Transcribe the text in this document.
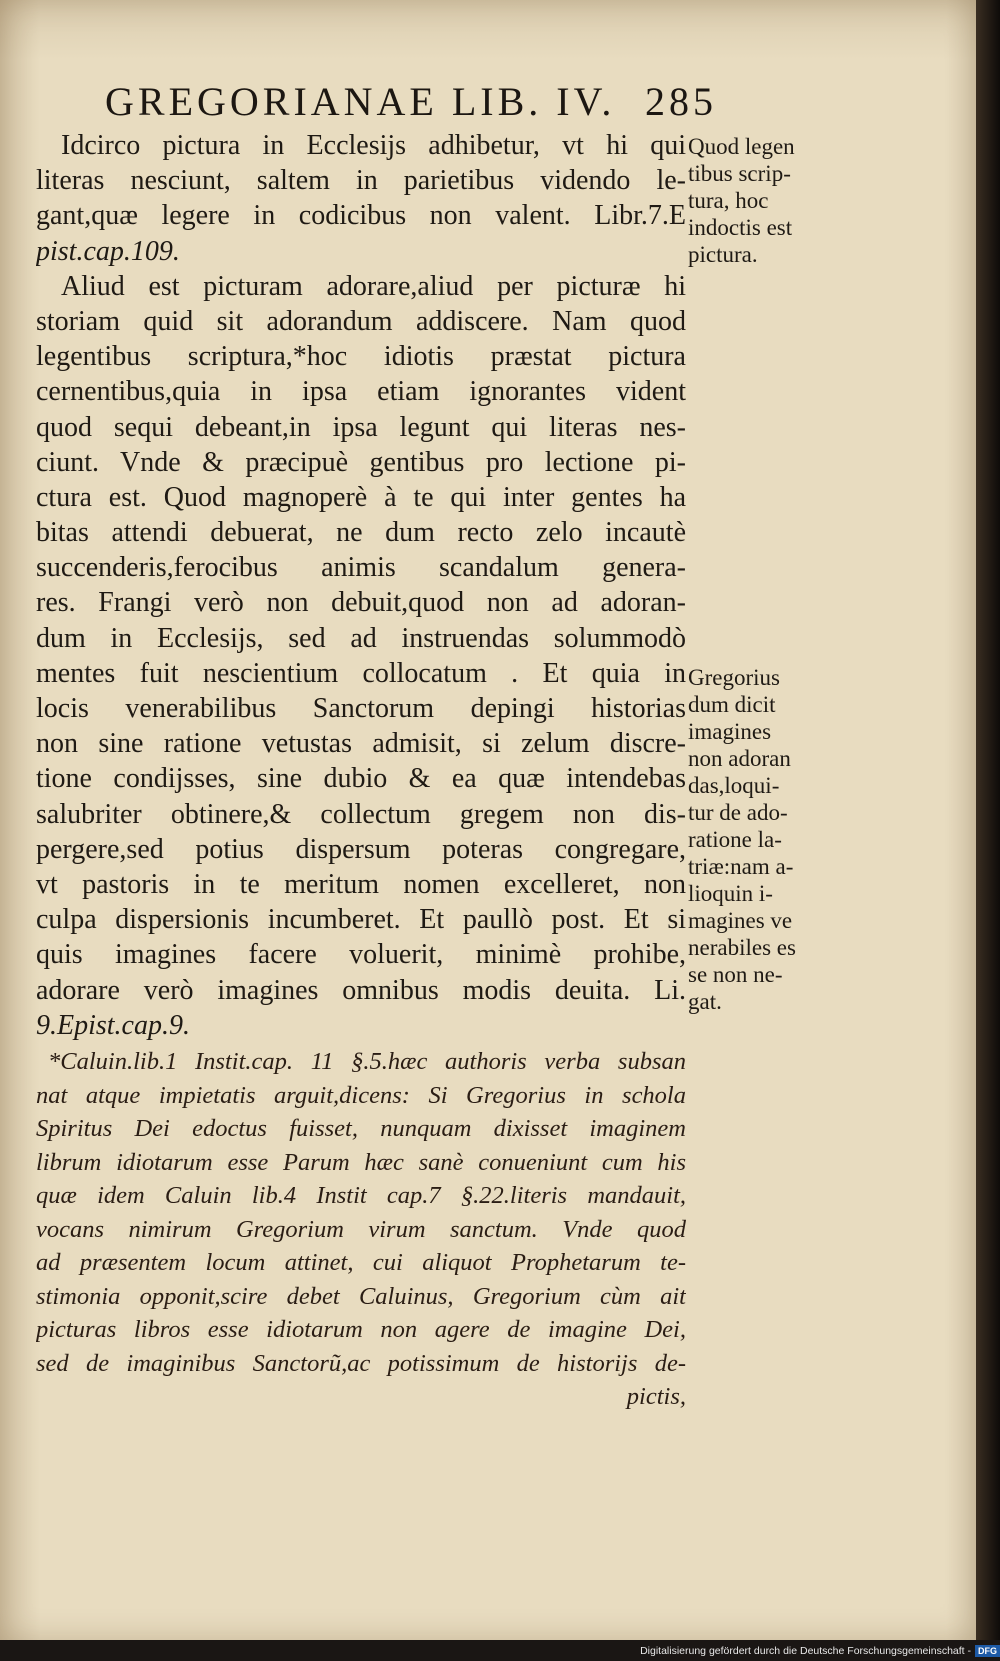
GREGORIANAE LIB. IV. 285
Idcirco pictura in Ecclesijs adhibetur, vt hi qui
literas nesciunt, saltem in parietibus videndo le-
gant,quæ legere in codicibus non valent. Libr.7.E
pist.cap.109.
Aliud est picturam adorare,aliud per picturæ hi
storiam quid sit adorandum addiscere. Nam quod
legentibus scriptura,*hoc idiotis præstat pictura
cernentibus,quia in ipsa etiam ignorantes vident
quod sequi debeant,in ipsa legunt qui literas nes-
ciunt. Vnde & præcipuè gentibus pro lectione pi-
ctura est. Quod magnoperè à te qui inter gentes ha
bitas attendi debuerat, ne dum recto zelo incautè
succenderis,ferocibus animis scandalum genera-
res. Frangi verò non debuit,quod non ad adoran-
dum in Ecclesijs, sed ad instruendas solummodò
mentes fuit nescientium collocatum . Et quia in
locis venerabilibus Sanctorum depingi historias
non sine ratione vetustas admisit, si zelum discre-
tione condijsses, sine dubio & ea quæ intendebas
salubriter obtinere,& collectum gregem non dis-
pergere,sed potius dispersum poteras congregare,
vt pastoris in te meritum nomen excelleret, non
culpa dispersionis incumberet. Et paullò post. Et si
quis imagines facere voluerit, minimè prohibe,
adorare verò imagines omnibus modis deuita. Li.
9.Epist.cap.9.
*Caluin.lib.1 Instit.cap. 11 §.5.hæc authoris verba subsan
nat atque impietatis arguit,dicens: Si Gregorius in schola
Spiritus Dei edoctus fuisset, nunquam dixisset imaginem
librum idiotarum esse Parum hæc sanè conueniunt cum his
quæ idem Caluin lib.4 Instit cap.7 §.22.literis mandauit,
vocans nimirum Gregorium virum sanctum. Vnde quod
ad præsentem locum attinet, cui aliquot Prophetarum te-
stimonia opponit,scire debet Caluinus, Gregorium cùm ait
picturas libros esse idiotarum non agere de imagine Dei,
sed de imaginibus Sanctorũ,ac potissimum de historijs de-
pictis,
Quod legen
tibus scrip-
tura, hoc
indoctis est
pictura.
Gregorius
dum dicit
imagines
non adoran
das,loqui-
tur de ado-
ratione la-
triæ:nam a-
lioquin i-
magines ve
nerabiles es
se non ne-
gat.
Digitalisierung gefördert durch die Deutsche Forschungsgemeinschaft - DFG
